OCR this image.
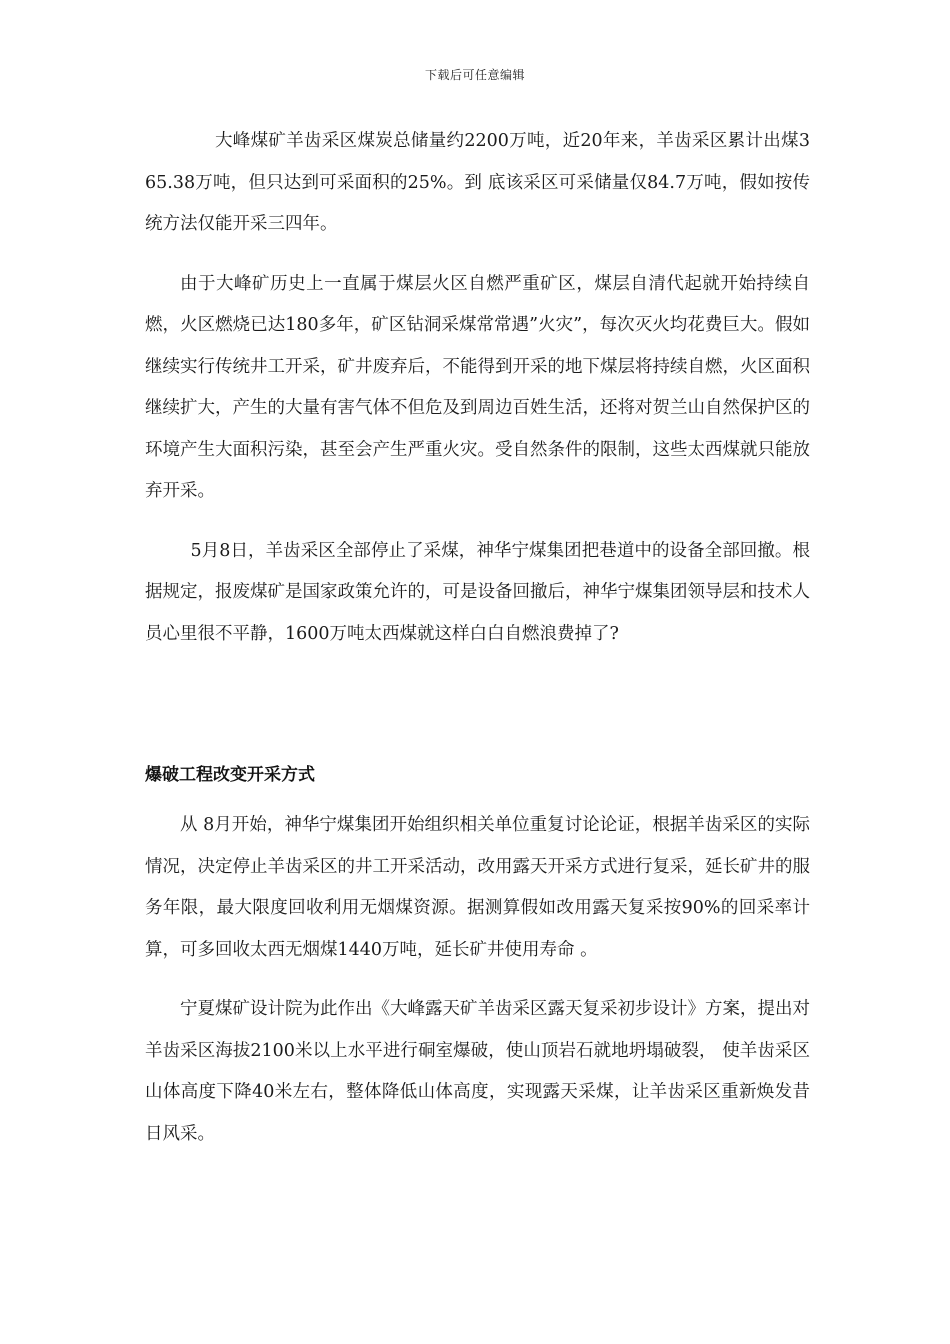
下载后可任意编辑

大峰煤矿羊齿采区煤炭总储量约2200万吨，近20年来，羊齿采区累计出煤365.38万吨，但只达到可采面积的25%。到 底该采区可采储量仅84.7万吨，假如按传统方法仅能开采三四年。

由于大峰矿历史上一直属于煤层火区自燃严重矿区，煤层自清代起就开始持续自燃，火区燃烧已达180多年，矿区钻洞采煤常常遇”火灾”，每次灭火均花费巨大。假如继续实行传统井工开采，矿井废弃后，不能得到开采的地下煤层将持续自燃，火区面积继续扩大，产生的大量有害气体不但危及到周边百姓生活，还将对贺兰山自然保护区的环境产生大面积污染，甚至会产生严重火灾。受自然条件的限制，这些太西煤就只能放弃开采。

5月8日，羊齿采区全部停止了采煤，神华宁煤集团把巷道中的设备全部回撤。根据规定，报废煤矿是国家政策允许的，可是设备回撤后，神华宁煤集团领导层和技术人员心里很不平静，1600万吨太西煤就这样白白自燃浪费掉了?

爆破工程改变开采方式

从 8月开始，神华宁煤集团开始组织相关单位重复讨论论证，根据羊齿采区的实际情况，决定停止羊齿采区的井工开采活动，改用露天开采方式进行复采，延长矿井的服务年限，最大限度回收利用无烟煤资源。据测算假如改用露天复采按90%的回采率计算，可多回收太西无烟煤1440万吨，延长矿井使用寿命 。

宁夏煤矿设计院为此作出《大峰露天矿羊齿采区露天复采初步设计》方案，提出对羊齿采区海拔2100米以上水平进行硐室爆破，使山顶岩石就地坍塌破裂， 使羊齿采区山体高度下降40米左右，整体降低山体高度，实现露天采煤，让羊齿采区重新焕发昔日风采。
